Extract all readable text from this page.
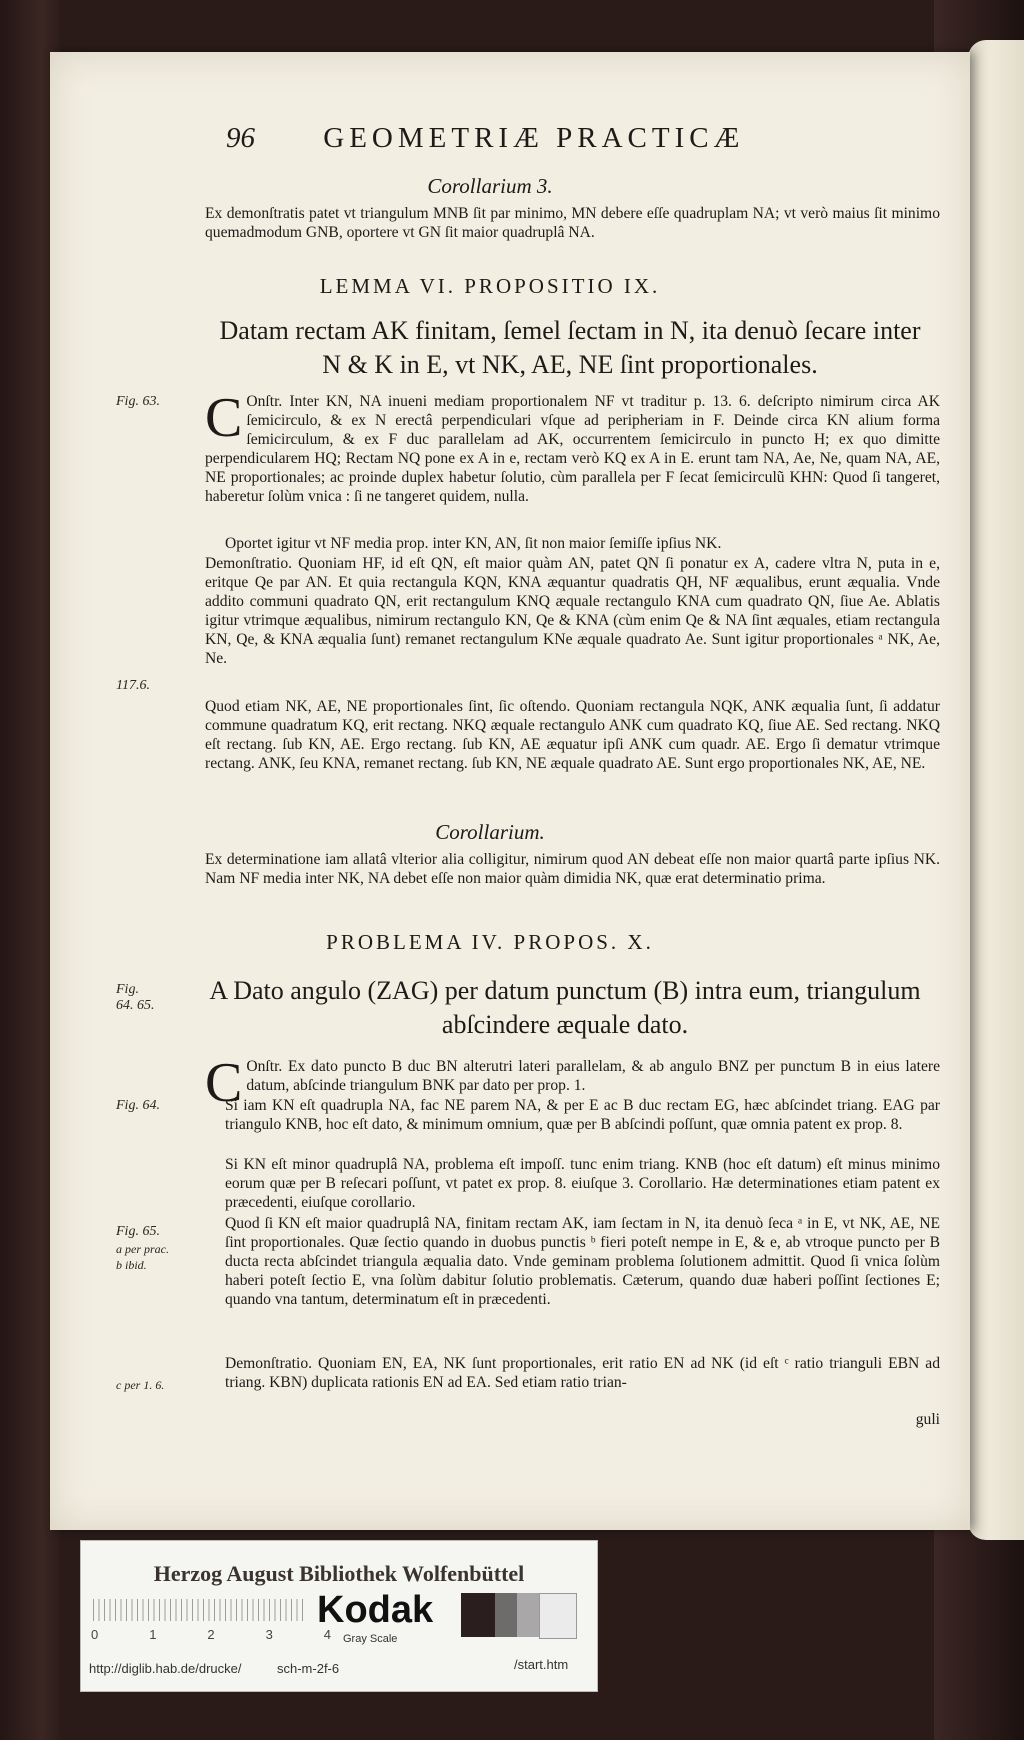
96 GEOMETRIÆ PRACTICÆ
Corollarium 3.
Ex demonſtratis patet vt triangulum MNB ſit par minimo, MN debere eſſe quadruplam NA; vt verò maius ſit minimo quemadmodum GNB, oportere vt GN ſit maior quadruplâ NA.
LEMMA VI. PROPOSITIO IX.
Datam rectam AK finitam, ſemel ſectam in N, ita denuò ſecare inter N & K in E, vt NK, AE, NE ſint proportionales.
Fig. 63. C Onſtr. Inter KN, NA inueni mediam proportionalem NF vt traditur p. 13. 6. deſcripto nimirum circa AK ſemicirculo, & ex N erectâ perpendiculari vſque ad peripheriam in F. Deinde circa KN alium forma ſemicirculum, & ex F duc parallelam ad AK, occurrentem ſemicirculo in puncto H; ex quo dimitte perpendicularem HQ; Rectam NQ pone ex A in e, rectam verò KQ ex A in E. erunt tam NA, Ae, Ne, quam NA, AE, NE proportionales; ac proinde duplex habetur ſolutio, cùm parallela per F ſecat ſemicirculũ KHN: Quod ſi tangeret, haberetur ſolùm vnica : ſi ne tangeret quidem, nulla.
Oportet igitur vt NF media prop. inter KN, AN, ſit non maior ſemiſſe ipſius NK.
Demonſtratio. Quoniam HF, id eſt QN, eſt maior quàm AN, patet QN ſi ponatur ex A, cadere vltra N, puta in e, eritque Qe par AN. Et quia rectangula KQN, KNA æquantur quadratis QH, NF æqualibus, erunt æqualia. Vnde addito communi quadrato QN, erit rectangulum KNQ æquale rectangulo KNA cum quadrato QN, ſiue Ae. Ablatis igitur vtrimque æqualibus, nimirum rectangulo KN, Qe & KNA (cùm enim Qe & NA ſint æquales, etiam rectangula KN, Qe, & KNA æqualia ſunt) remanet rectangulum KNe æquale quadrato Ae. Sunt igitur proportionales ᵃ NK, Ae, Ne.
117.6.
Quod etiam NK, AE, NE proportionales ſint, ſic oſtendo. Quoniam rectangula NQK, ANK æqualia ſunt, ſi addatur commune quadratum KQ, erit rectang. NKQ æquale rectangulo ANK cum quadrato KQ, ſiue AE. Sed rectang. NKQ eſt rectang. ſub KN, AE. Ergo rectang. ſub KN, AE æquatur ipſi ANK cum quadr. AE. Ergo ſi dematur vtrimque rectang. ANK, ſeu KNA, remanet rectang. ſub KN, NE æquale quadrato AE. Sunt ergo proportionales NK, AE, NE.
Corollarium.
Ex determinatione iam allatâ vlterior alia colligitur, nimirum quod AN debeat eſſe non maior quartâ parte ipſius NK. Nam NF media inter NK, NA debet eſſe non maior quàm dimidia NK, quæ erat determinatio prima.
PROBLEMA IV. PROPOS. X.
Fig. 64. 65.
A Dato angulo (ZAG) per datum punctum (B) intra eum, triangulum abſcindere æquale dato.
C Onſtr. Ex dato puncto B duc BN alterutri lateri parallelam, & ab angulo BNZ per punctum B in eius latere datum, abſcinde triangulum BNK par dato per prop. 1.
Fig. 64.	Si iam KN eſt quadrupla NA, fac NE parem NA, & per E ac B duc rectam EG, hæc abſcindet triang. EAG par triangulo KNB, hoc eſt dato, & minimum omnium, quæ per B abſcindi poſſunt, quæ omnia patent ex prop. 8.
Si KN eſt minor quadruplâ NA, problema eſt impoſſ. tunc enim triang. KNB (hoc eſt datum) eſt minus minimo eorum quæ per B reſecari poſſunt, vt patet ex prop. 8. eiuſque 3. Corollario. Hæ determinationes etiam patent ex præcedenti, eiuſque corollario.
Fig. 65.
a per prac.
b ibid.
Quod ſi KN eſt maior quadruplâ NA, finitam rectam AK, iam ſectam in N, ita denuò ſeca ᵃ in E, vt NK, AE, NE ſint proportionales. Quæ ſectio quando in duobus punctis ᵇ fieri poteſt nempe in E, & e, ab vtroque puncto per B ducta recta abſcindet triangula æqualia dato. Vnde geminam problema ſolutionem admittit. Quod ſi vnica ſolùm haberi poteſt ſectio E, vna ſolùm dabitur ſolutio problematis. Cæterum, quando duæ haberi poſſint ſectiones E; quando vna tantum, determinatum eſt in præcedenti.
Demonſtratio. Quoniam EN, EA, NK ſunt proportionales, erit ratio EN ad NK (id eſt ᶜ ratio trianguli EBN ad triang. KBN) duplicata rationis EN ad EA. Sed etiam ratio trian-
c per 1. 6.
guli
Herzog August Bibliothek Wolfenbüttel
0	1	2	3	4
Kodak
Gray Scale
http://diglib.hab.de/drucke/	sch-m-2f-6	/start.htm
